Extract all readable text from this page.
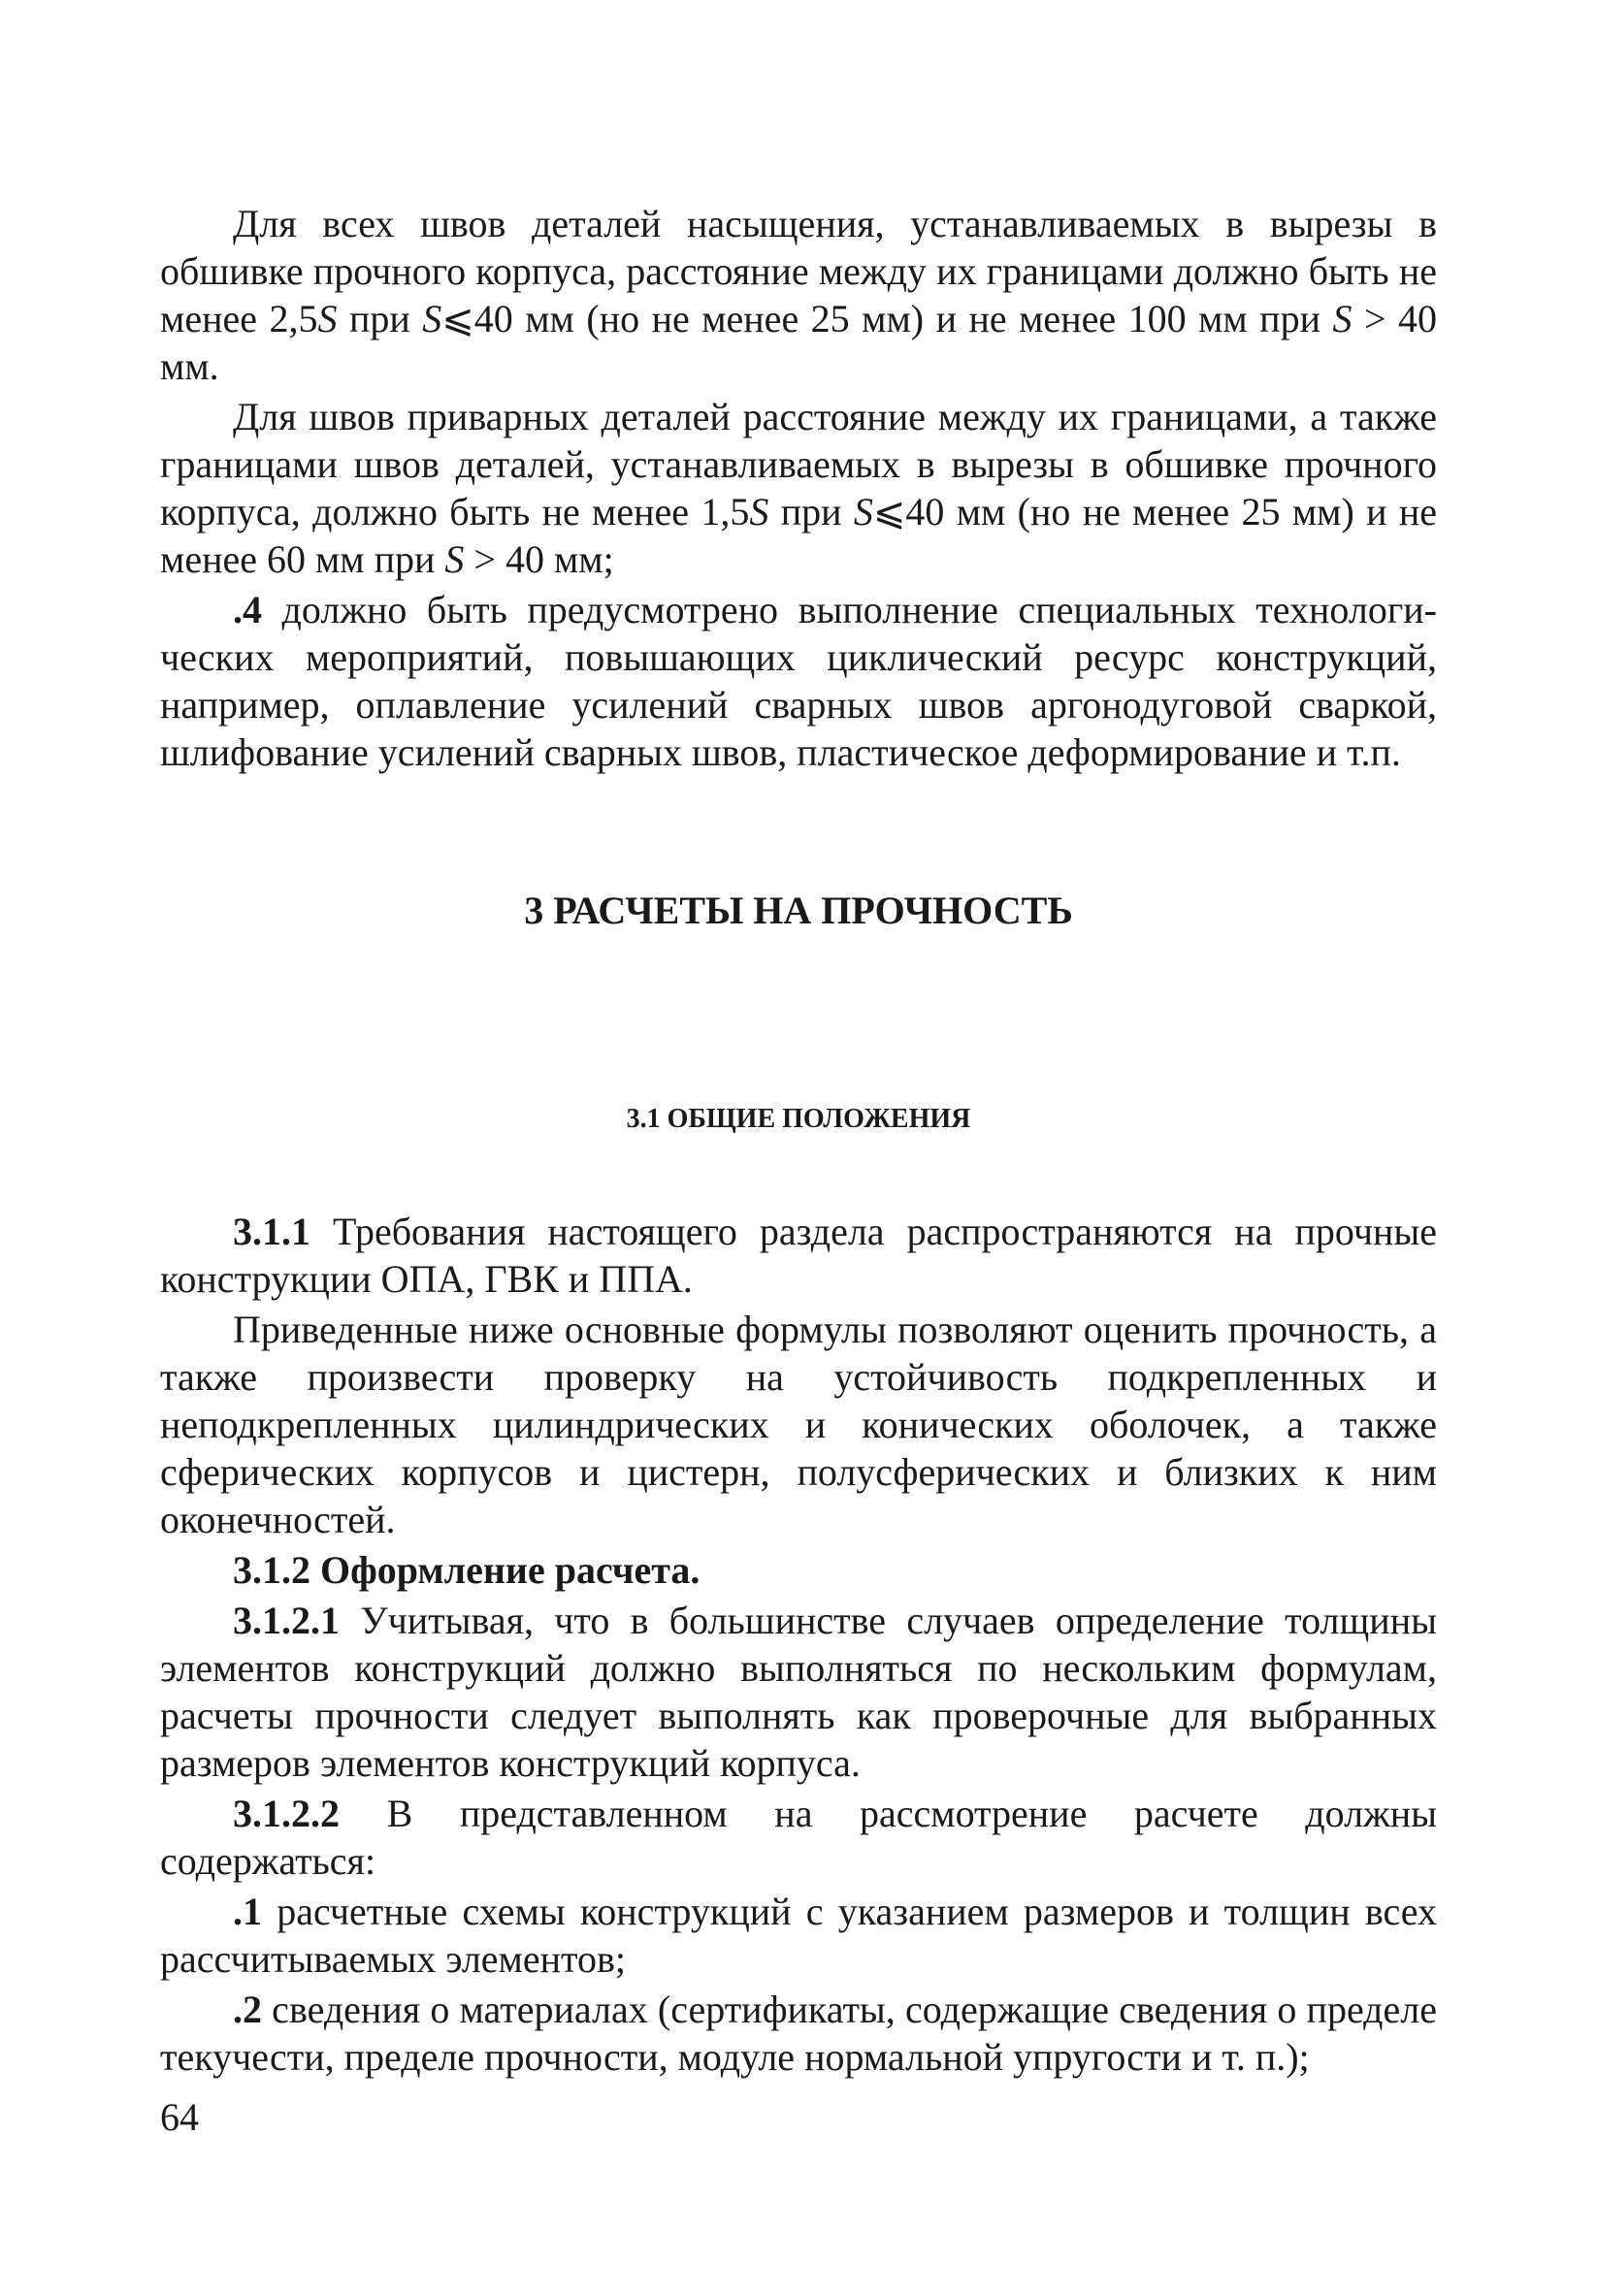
Для всех швов деталей насыщения, устанавливаемых в вырезы в обшивке прочного корпуса, расстояние между их границами должно быть не менее 2,5S при S⩽40 мм (но не менее 25 мм) и не менее 100 мм при S > 40 мм.

Для швов приварных деталей расстояние между их границами, а также границами швов деталей, устанавливаемых в вырезы в обшивке прочного корпуса, должно быть не менее 1,5S при S⩽40 мм (но не менее 25 мм) и не менее 60 мм при S > 40 мм;

.4 должно быть предусмотрено выполнение специальных технологических мероприятий, повышающих циклический ресурс конструкций, например, оплавление усилений сварных швов аргонодуговой сваркой, шлифование усилений сварных швов, пластическое деформирование и т.п.

3 РАСЧЕТЫ НА ПРОЧНОСТЬ
3.1 ОБЩИЕ ПОЛОЖЕНИЯ

3.1.1 Требования настоящего раздела распространяются на прочные конструкции ОПА, ГВК и ППА.

Приведенные ниже основные формулы позволяют оценить прочность, а также произвести проверку на устойчивость подкрепленных и неподкрепленных цилиндрических и конических оболочек, а также сферических корпусов и цистерн, полусферических и близких к ним оконечностей.

3.1.2 Оформление расчета.

3.1.2.1 Учитывая, что в большинстве случаев определение толщины элементов конструкций должно выполняться по нескольким формулам, расчеты прочности следует выполнять как проверочные для выбранных размеров элементов конструкций корпуса.

3.1.2.2 В представленном на рассмотрение расчете должны содержаться:

.1 расчетные схемы конструкций с указанием размеров и толщин всех рассчитываемых элементов;

.2 сведения о материалах (сертификаты, содержащие сведения о пределе текучести, пределе прочности, модуле нормальной упругости и т. п.);

64
